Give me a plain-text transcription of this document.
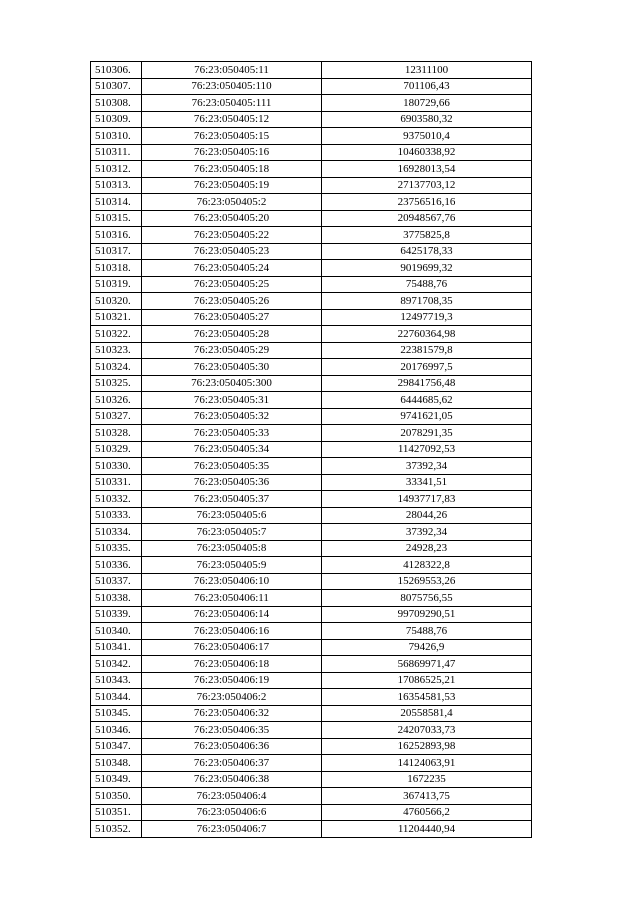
510306.	76:23:050405:11	12311100
510307.	76:23:050405:110	701106,43
510308.	76:23:050405:111	180729,66
510309.	76:23:050405:12	6903580,32
510310.	76:23:050405:15	9375010,4
510311.	76:23:050405:16	10460338,92
510312.	76:23:050405:18	16928013,54
510313.	76:23:050405:19	27137703,12
510314.	76:23:050405:2	23756516,16
510315.	76:23:050405:20	20948567,76
510316.	76:23:050405:22	3775825,8
510317.	76:23:050405:23	6425178,33
510318.	76:23:050405:24	9019699,32
510319.	76:23:050405:25	75488,76
510320.	76:23:050405:26	8971708,35
510321.	76:23:050405:27	12497719,3
510322.	76:23:050405:28	22760364,98
510323.	76:23:050405:29	22381579,8
510324.	76:23:050405:30	20176997,5
510325.	76:23:050405:300	29841756,48
510326.	76:23:050405:31	6444685,62
510327.	76:23:050405:32	9741621,05
510328.	76:23:050405:33	2078291,35
510329.	76:23:050405:34	11427092,53
510330.	76:23:050405:35	37392,34
510331.	76:23:050405:36	33341,51
510332.	76:23:050405:37	14937717,83
510333.	76:23:050405:6	28044,26
510334.	76:23:050405:7	37392,34
510335.	76:23:050405:8	24928,23
510336.	76:23:050405:9	4128322,8
510337.	76:23:050406:10	15269553,26
510338.	76:23:050406:11	8075756,55
510339.	76:23:050406:14	99709290,51
510340.	76:23:050406:16	75488,76
510341.	76:23:050406:17	79426,9
510342.	76:23:050406:18	56869971,47
510343.	76:23:050406:19	17086525,21
510344.	76:23:050406:2	16354581,53
510345.	76:23:050406:32	20558581,4
510346.	76:23:050406:35	24207033,73
510347.	76:23:050406:36	16252893,98
510348.	76:23:050406:37	14124063,91
510349.	76:23:050406:38	1672235
510350.	76:23:050406:4	367413,75
510351.	76:23:050406:6	4760566,2
510352.	76:23:050406:7	11204440,94
